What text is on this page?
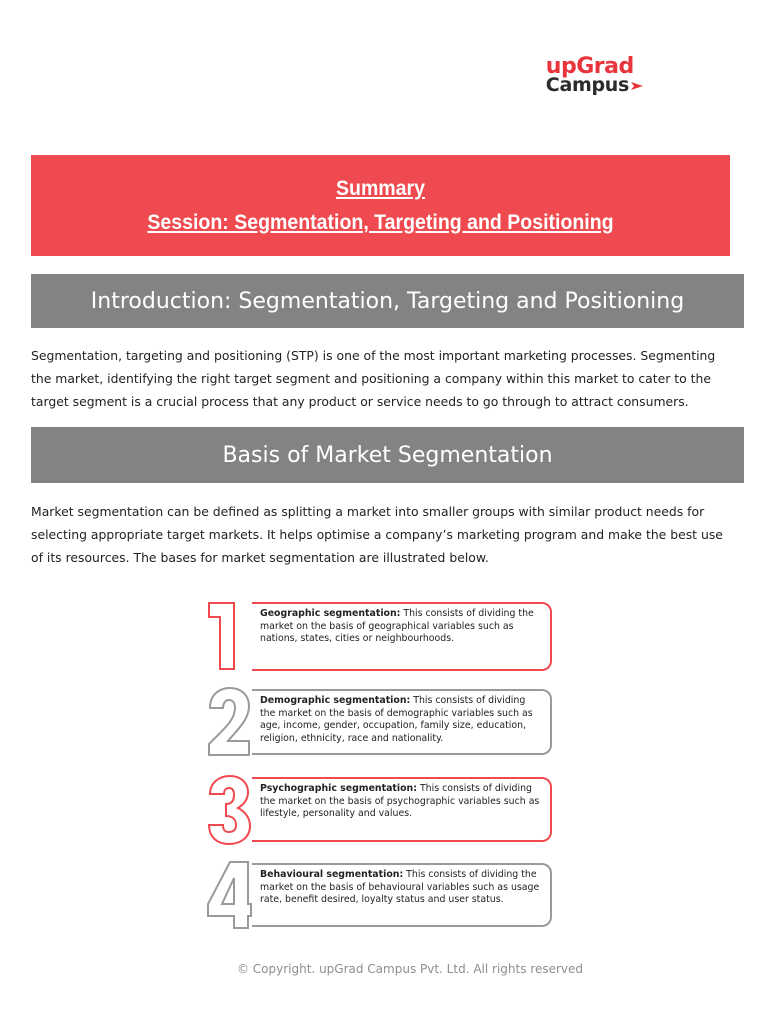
upGrad
Campus
Summary
Session: Segmentation, Targeting and Positioning
Introduction: Segmentation, Targeting and Positioning

Segmentation, targeting and positioning (STP) is one of the most important marketing processes. Segmenting the market, identifying the right target segment and positioning a company within this market to cater to the target segment is a crucial process that any product or service needs to go through to attract consumers.

Basis of Market Segmentation

Market segmentation can be defined as splitting a market into smaller groups with similar product needs for selecting appropriate target markets. It helps optimise a company’s marketing program and make the best use of its resources. The bases for market segmentation are illustrated below.

Geographic segmentation: This consists of dividing the market on the basis of geographical variables such as nations, states, cities or neighbourhoods.
Demographic segmentation: This consists of dividing the market on the basis of demographic variables such as age, income, gender, occupation, family size, education, religion, ethnicity, race and nationality.
Psychographic segmentation: This consists of dividing the market on the basis of psychographic variables such as lifestyle, personality and values.
Behavioural segmentation: This consists of dividing the market on the basis of behavioural variables such as usage rate, benefit desired, loyalty status and user status.
© Copyright. upGrad Campus Pvt. Ltd. All rights reserved
